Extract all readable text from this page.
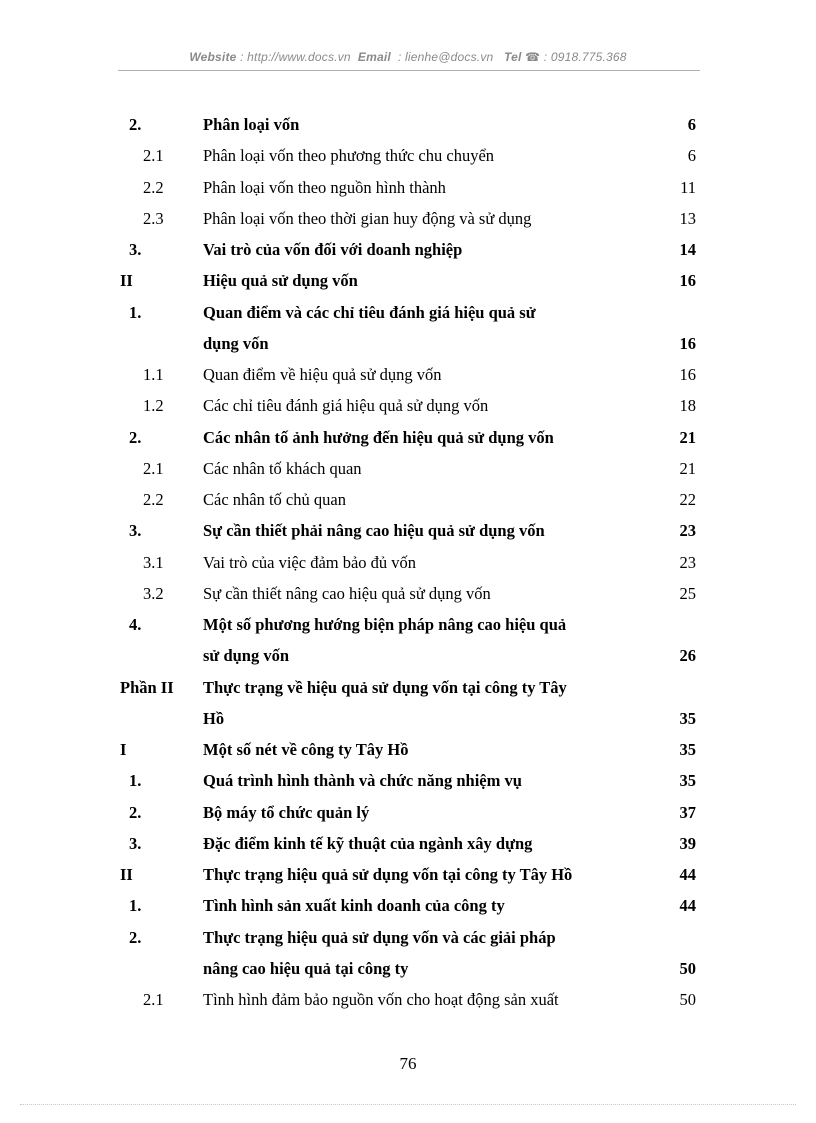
Website : http://www.docs.vn Email : lienhe@docs.vn Tel ☎ : 0918.775.368
2.	Phân loại vốn	6
2.1	Phân loại vốn theo phương thức chu chuyển	6
2.2	Phân loại vốn theo nguồn hình thành	11
2.3	Phân loại vốn theo thời gian huy động và sử dụng	13
3.	Vai trò của vốn đối với doanh nghiệp	14
II	Hiệu quả sử dụng vốn	16
1.	Quan điểm và các chỉ tiêu đánh giá hiệu quả sử
dụng vốn	16
1.1	Quan điểm về hiệu quả sử dụng vốn	16
1.2	Các chỉ tiêu đánh giá hiệu quả sử dụng vốn	18
2.	Các nhân tố ảnh hưởng đến hiệu quả sử dụng vốn	21
2.1	Các nhân tố khách quan	21
2.2	Các nhân tố chủ quan	22
3.	Sự cần thiết phải nâng cao hiệu quả sử dụng vốn	23
3.1	Vai trò của việc đảm bảo đủ vốn	23
3.2	Sự cần thiết nâng cao hiệu quả sử dụng vốn	25
4.	Một số phương hướng biện pháp nâng cao hiệu quả
sử dụng vốn	26
Phần II	Thực trạng về hiệu quả sử dụng vốn tại công ty Tây
Hồ	35
I	Một số nét về công ty Tây Hồ	35
1.	Quá trình hình thành và chức năng nhiệm vụ	35
2.	Bộ máy tổ chức quản lý	37
3.	Đặc điểm kinh tế kỹ thuật của ngành xây dựng	39
II	Thực trạng hiệu quả sử dụng vốn tại công ty Tây Hồ	44
1.	Tình hình sản xuất kinh doanh của công ty	44
2.	Thực trạng hiệu quả sử dụng vốn và các giải pháp
nâng cao hiệu quả tại công ty	50
2.1	Tình hình đảm bảo nguồn vốn cho hoạt động sản xuất	50
76
